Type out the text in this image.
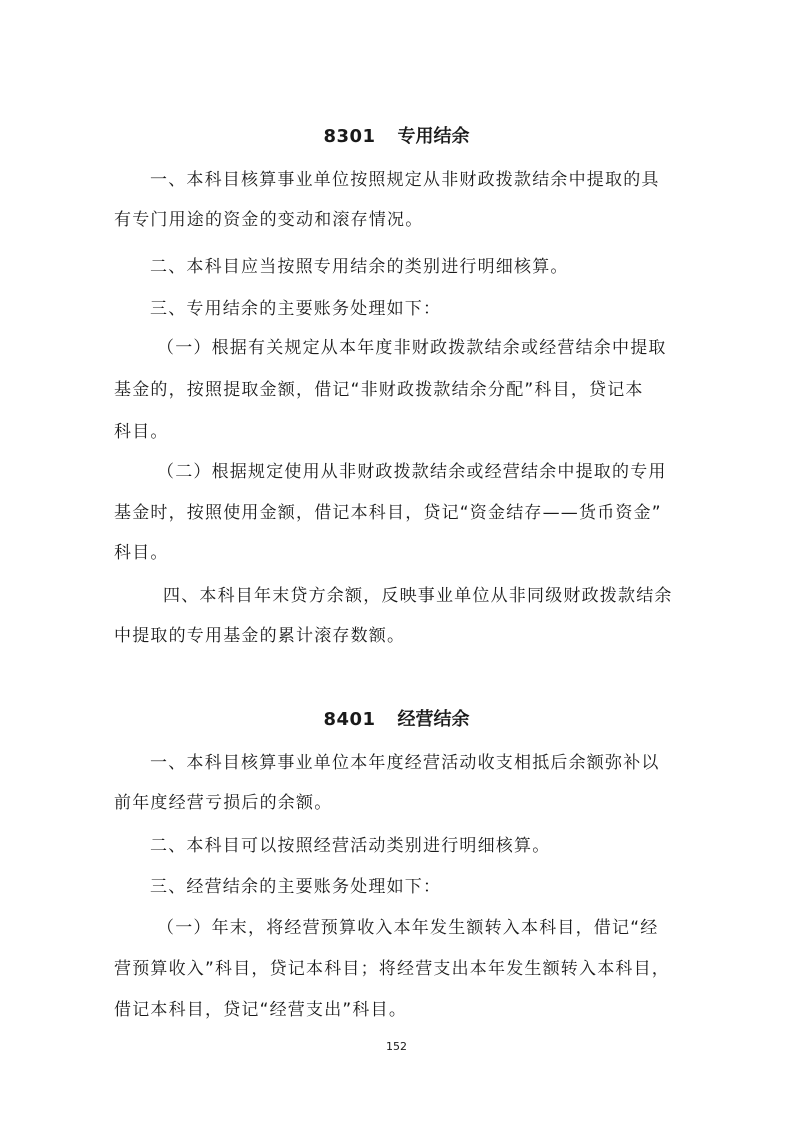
8301 专用结余
一、本科目核算事业单位按照规定从非财政拨款结余中提取的具
有专门用途的资金的变动和滚存情况。
二、本科目应当按照专用结余的类别进行明细核算。
三、专用结余的主要账务处理如下：
（一）根据有关规定从本年度非财政拨款结余或经营结余中提取
基金的，按照提取金额，借记“非财政拨款结余分配”科目，贷记本
科目。
（二）根据规定使用从非财政拨款结余或经营结余中提取的专用
基金时，按照使用金额，借记本科目，贷记“资金结存——货币资金”
科目。
四、本科目年末贷方余额，反映事业单位从非同级财政拨款结余
中提取的专用基金的累计滚存数额。
8401 经营结余
一、本科目核算事业单位本年度经营活动收支相抵后余额弥补以
前年度经营亏损后的余额。
二、本科目可以按照经营活动类别进行明细核算。
三、经营结余的主要账务处理如下：
（一）年末，将经营预算收入本年发生额转入本科目，借记“经
营预算收入”科目，贷记本科目；将经营支出本年发生额转入本科目，
借记本科目，贷记“经营支出”科目。
152
